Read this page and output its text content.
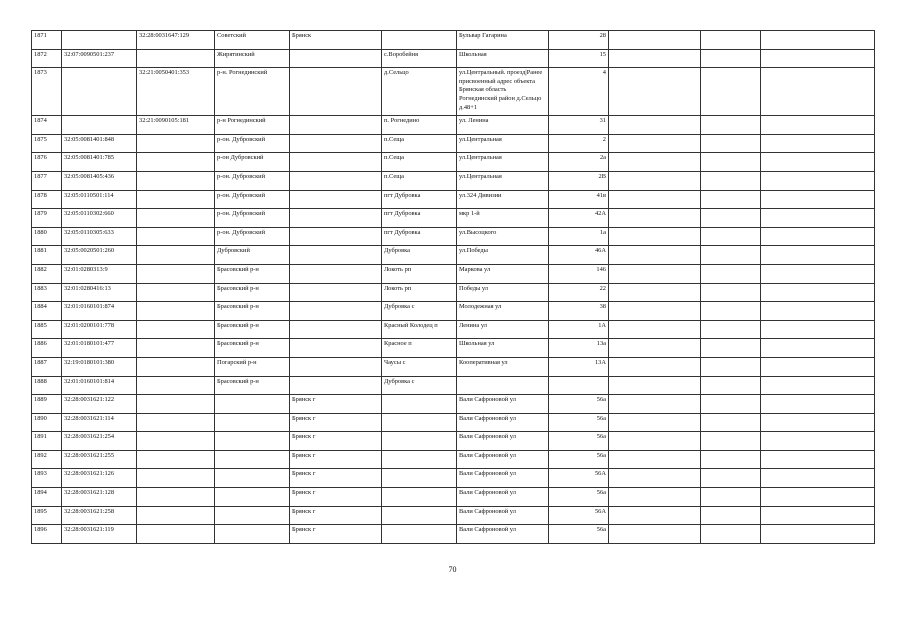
1871		32:28:0031647:129	Советский	Брянск		Бульвар Гагарина	28			
1872	32:07:0090501:237		Жирятинский		с.Воробейня	Школьная	15			
1873		32:21:0050401:353	р-н. Рогнединский		д.Сельцо	ул.Центральный. проезд|Ранее присвоенный адрес объекта Брянская область Рогнединский район д.Сельцо д.48+1	4			
1874		32:21:0090105:181	р-н Рогнединский		п. Рогнедино	ул. Ленина	31			
1875	32:05:0081401:848		р-он. Дубровский		п.Сеща	ул.Центральная	2			
1876	32:05:0081401:785		р-он Дубровский		п.Сеща	ул.Центральная	2а			
1877	32:05:0081405:436		р-он. Дубровский		п.Сеща	ул.Центральная	2В			
1878	32:05:0110501:114		р-он. Дубровский		пгт Дубровка	ул.324 Дивизии	41в			
1879	32:05:0110302:660		р-он. Дубровский		пгт Дубровка	мкр 1-й	42А			
1880	32:05:0110305:633		р-он. Дубровский		пгт Дубровка	ул.Высоцкого	1а			
1881	32:05:0020501:260		Дубровский		Дубровка	ул.Победы	46А			
1882	32:01:0280313:9		Брасовский р-н		Локоть рп	Маркова ул	146			
1883	32:01:0280416:13		Брасовский р-н		Локоть рп	Победы ул	22			
1884	32:01:0160101:874		Брасовский р-н		Дубровка с	Молодежная ул	38			
1885	32:01:0200101:778		Брасовский р-н		Красный Колодец п	Ленина ул	1А			
1886	32:01:0180101:477		Брасовский р-н		Красное п	Школьная ул	13а			
1887	32:19:0180101:380		Погарский р-н		Чаусы с	Кооперативная ул	13А			
1888	32:01:0160101:814		Брасовский р-н		Дубровка с					
1889	32:28:0031621:122			Брянск г		Вали Сафроновой ул	56а			
1890	32:28:0031621:114			Брянск г		Вали Сафроновой ул	56а			
1891	32:28:0031621:254			Брянск г		Вали Сафроновой ул	56а			
1892	32:28:0031621:255			Брянск г		Вали Сафроновой ул	56а			
1893	32:28:0031621:126			Брянск г		Вали Сафроновой ул	56А			
1894	32:28:0031621:128			Брянск г		Вали Сафроновой ул	56а			
1895	32:28:0031621:258			Брянск г		Вали Сафроновой ул	56А			
1896	32:28:0031621:119			Брянск г		Вали Сафроновой ул	56а			
70
